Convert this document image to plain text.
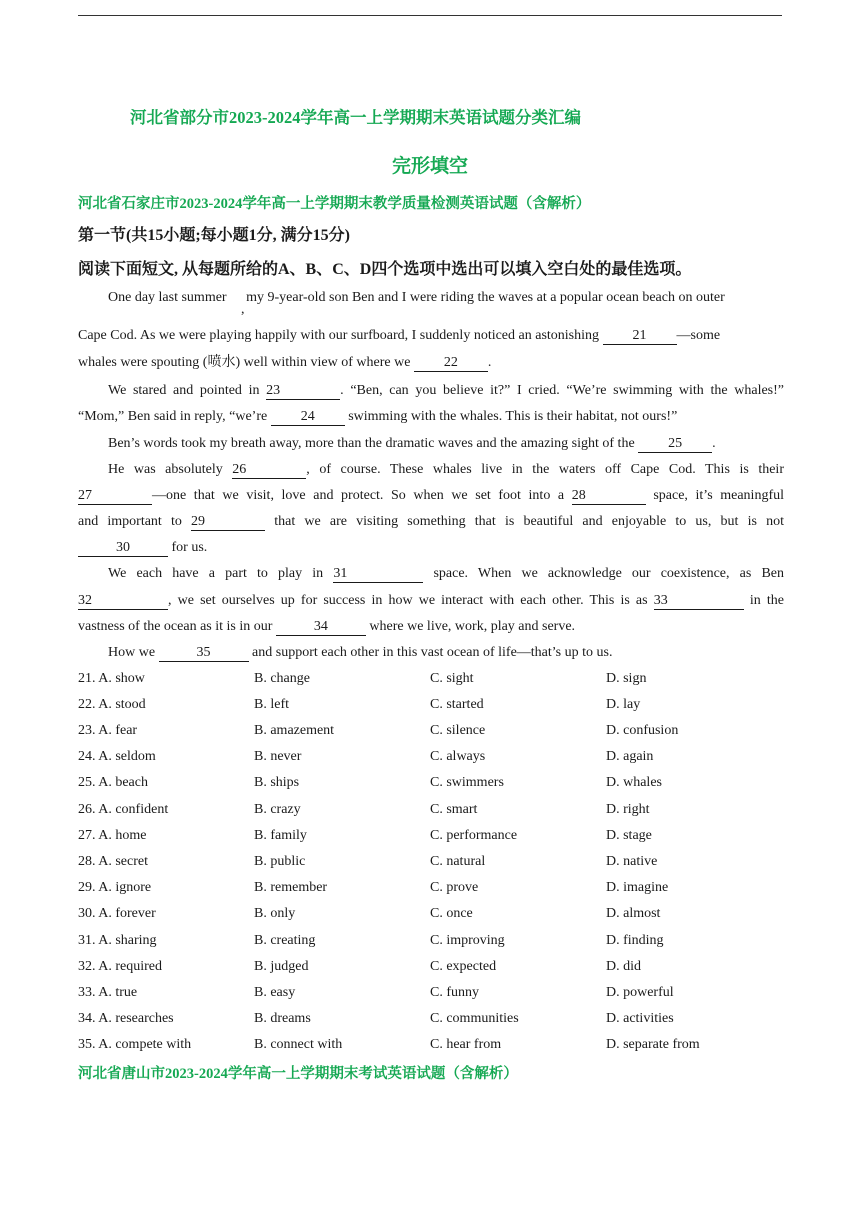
河北省部分市2023-2024学年高一上学期期末英语试题分类汇编
完形填空
河北省石家庄市2023-2024学年高一上学期期末教学质量检测英语试题（含解析）
第一节(共15小题;每小题1分, 满分15分)
阅读下面短文, 从每题所给的A、B、C、D四个选项中选出可以填入空白处的最佳选项。
One day last summer my 9-year-old son Ben and I were riding the waves at a popular ocean beach on outer
,
Cape Cod. As we were playing happily with our surfboard, I suddenly noticed an astonishing 21 —some
whales were spouting (喷水) well within view of where we 22 .
We stared and pointed in 23	. “Ben, can you believe it?” I cried. “We’re swimming with the whales!”
“Mom,” Ben said in reply, “we’re 24 swimming with the whales. This is their habitat, not ours!”
Ben’s words took my breath away, more than the dramatic waves and the amazing sight of the 25 .
He was absolutely 26	, of course. These whales live in the waters off Cape Cod. This is their
27	—one that we visit, love and protect. So when we set foot into a 28	space, it’s meaningful
and important to 29	that we are visiting something that is beautiful and enjoyable to us, but is not
30	for us.
We each have a part to play in 31	space. When we acknowledge our coexistence, as Ben
32	, we set ourselves up for success in how we interact with each other. This is as 33	in the
vastness of the ocean as it is in our	34	where we live, work, play and serve.
How we	35	and support each other in this vast ocean of life—that’s up to us.
21. A. show	B. change	C. sight	D. sign
22. A. stood	B. left	C. started	D. lay
23. A. fear	B. amazement	C. silence	D. confusion
24. A. seldom	B. never	C. always	D. again
25. A. beach	B. ships	C. swimmers	D. whales
26. A. confident	B. crazy	C. smart	D. right
27. A. home	B. family	C. performance	D. stage
28. A. secret	B. public	C. natural	D. native
29. A. ignore	B. remember	C. prove	D. imagine
30. A. forever	B. only	C. once	D. almost
31. A. sharing	B. creating	C. improving	D. finding
32. A. required	B. judged	C. expected	D. did
33. A. true	B. easy	C. funny	D. powerful
34. A. researches	B. dreams	C. communities	D. activities
35. A. compete with	B. connect with	C. hear from	D. separate from
河北省唐山市2023-2024学年高一上学期期末考试英语试题（含解析）
